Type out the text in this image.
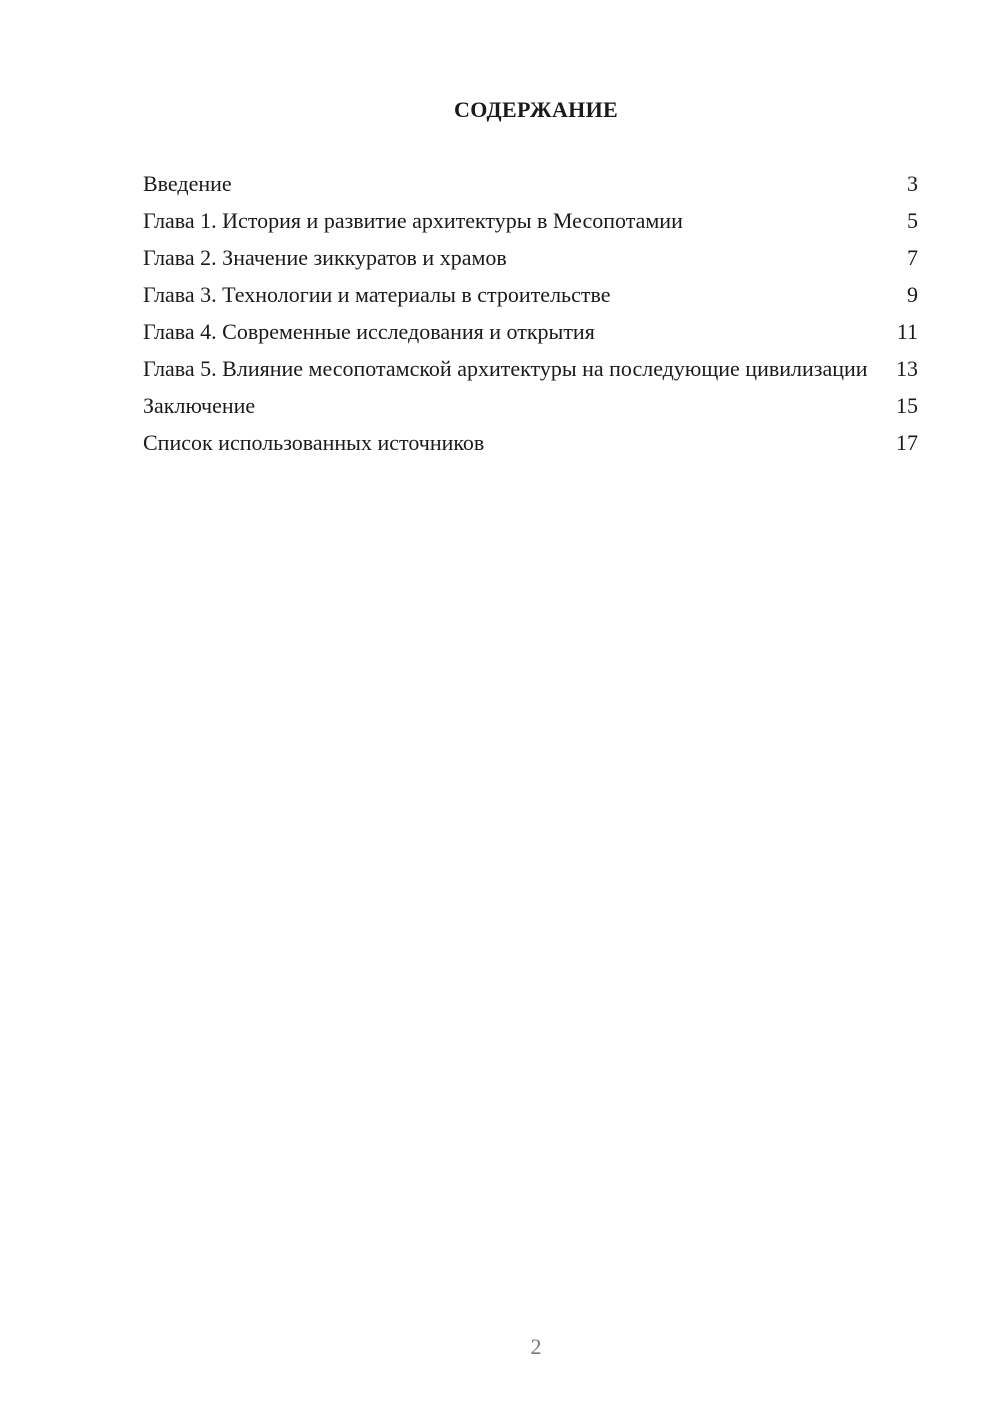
СОДЕРЖАНИЕ
Введение	3
Глава 1. История и развитие архитектуры в Месопотамии	5
Глава 2. Значение зиккуратов и храмов	7
Глава 3. Технологии и материалы в строительстве	9
Глава 4. Современные исследования и открытия	11
Глава 5. Влияние месопотамской архитектуры на последующие цивилизации	13
Заключение	15
Список использованных источников	17
2
